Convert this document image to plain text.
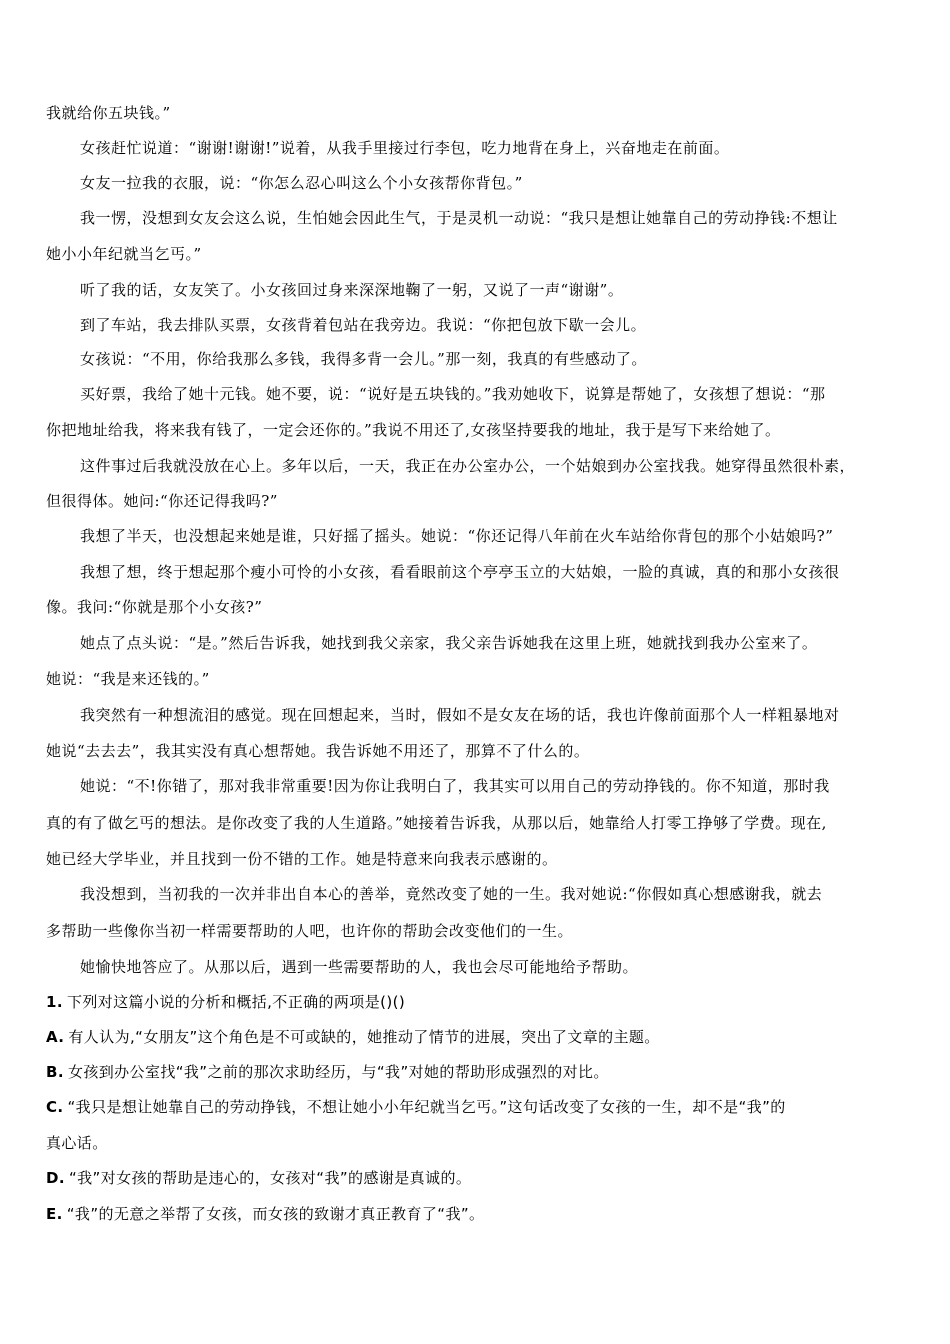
我就给你五块钱。”
女孩赶忙说道：“谢谢!谢谢!”说着，从我手里接过行李包，吃力地背在身上，兴奋地走在前面。
女友一拉我的衣服，说：“你怎么忍心叫这么个小女孩帮你背包。”
我一愣，没想到女友会这么说，生怕她会因此生气，于是灵机一动说：“我只是想让她靠自己的劳动挣钱:不想让
她小小年纪就当乞丐。”
听了我的话，女友笑了。小女孩回过身来深深地鞠了一躬，又说了一声“谢谢”。
到了车站，我去排队买票，女孩背着包站在我旁边。我说：“你把包放下歇一会儿。
女孩说：“不用，你给我那么多钱，我得多背一会儿。”那一刻，我真的有些感动了。
买好票，我给了她十元钱。她不要，说：“说好是五块钱的。”我劝她收下，说算是帮她了，女孩想了想说：“那
你把地址给我，将来我有钱了，一定会还你的。”我说不用还了,女孩坚持要我的地址，我于是写下来给她了。
这件事过后我就没放在心上。多年以后，一天，我正在办公室办公，一个姑娘到办公室找我。她穿得虽然很朴素，
但很得体。她问:“你还记得我吗?”
我想了半天，也没想起来她是谁，只好摇了摇头。她说：“你还记得八年前在火车站给你背包的那个小姑娘吗?”
我想了想，终于想起那个瘦小可怜的小女孩，看看眼前这个亭亭玉立的大姑娘，一脸的真诚，真的和那小女孩很
像。我问:“你就是那个小女孩?”
她点了点头说：“是。”然后告诉我，她找到我父亲家，我父亲告诉她我在这里上班，她就找到我办公室来了。
她说：“我是来还钱的。”
我突然有一种想流泪的感觉。现在回想起来，当时，假如不是女友在场的话，我也许像前面那个人一样粗暴地对
她说“去去去”，我其实没有真心想帮她。我告诉她不用还了，那算不了什么的。
她说：“不!你错了，那对我非常重要!因为你让我明白了，我其实可以用自己的劳动挣钱的。你不知道，那时我
真的有了做乞丐的想法。是你改变了我的人生道路。”她接着告诉我，从那以后，她靠给人打零工挣够了学费。现在,
她已经大学毕业，并且找到一份不错的工作。她是特意来向我表示感谢的。
我没想到，当初我的一次并非出自本心的善举，竟然改变了她的一生。我对她说:“你假如真心想感谢我，就去
多帮助一些像你当初一样需要帮助的人吧，也许你的帮助会改变他们的一生。
她愉快地答应了。从那以后，遇到一些需要帮助的人，我也会尽可能地给予帮助。
1. 下列对这篇小说的分析和概括,不正确的两项是()()
A. 有人认为,“女朋友”这个角色是不可或缺的，她推动了情节的进展，突出了文章的主题。
B. 女孩到办公室找“我”之前的那次求助经历，与“我”对她的帮助形成强烈的对比。
C. “我只是想让她靠自己的劳动挣钱，不想让她小小年纪就当乞丐。”这句话改变了女孩的一生，却不是“我”的
真心话。
D. “我”对女孩的帮助是违心的，女孩对“我”的感谢是真诚的。
E. “我”的无意之举帮了女孩，而女孩的致谢才真正教育了“我”。
